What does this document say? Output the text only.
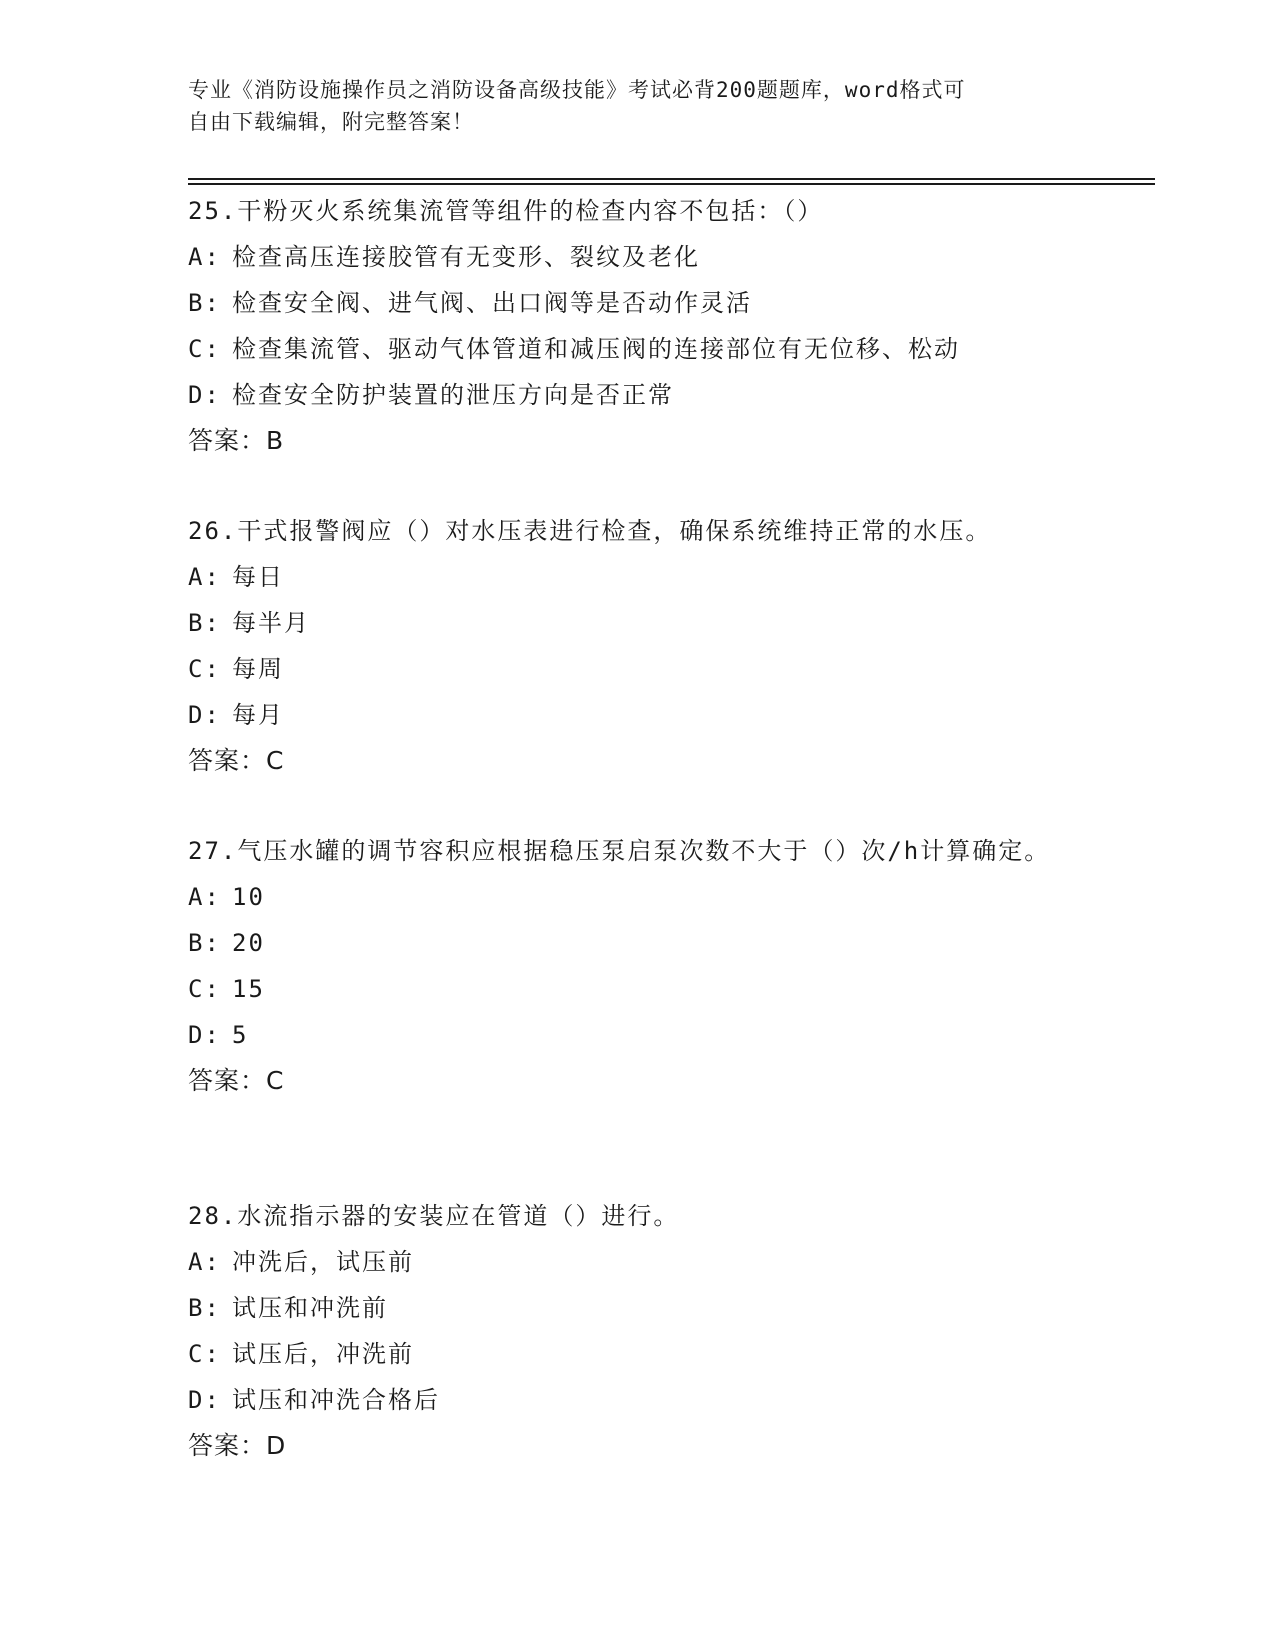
专业《消防设施操作员之消防设备高级技能》考试必背200题题库，word格式可
自由下载编辑，附完整答案！
25.干粉灭火系统集流管等组件的检查内容不包括：（）
A: 检查高压连接胶管有无变形、裂纹及老化
B: 检查安全阀、进气阀、出口阀等是否动作灵活
C: 检查集流管、驱动气体管道和减压阀的连接部位有无位移、松动
D: 检查安全防护装置的泄压方向是否正常
答案：B
26.干式报警阀应（）对水压表进行检查，确保系统维持正常的水压。
A: 每日
B: 每半月
C: 每周
D: 每月
答案：C
27.气压水罐的调节容积应根据稳压泵启泵次数不大于（）次/h计算确定。
A: 10
B: 20
C: 15
D: 5
答案：C
28.水流指示器的安装应在管道（）进行。
A: 冲洗后，试压前
B: 试压和冲洗前
C: 试压后，冲洗前
D: 试压和冲洗合格后
答案：D
